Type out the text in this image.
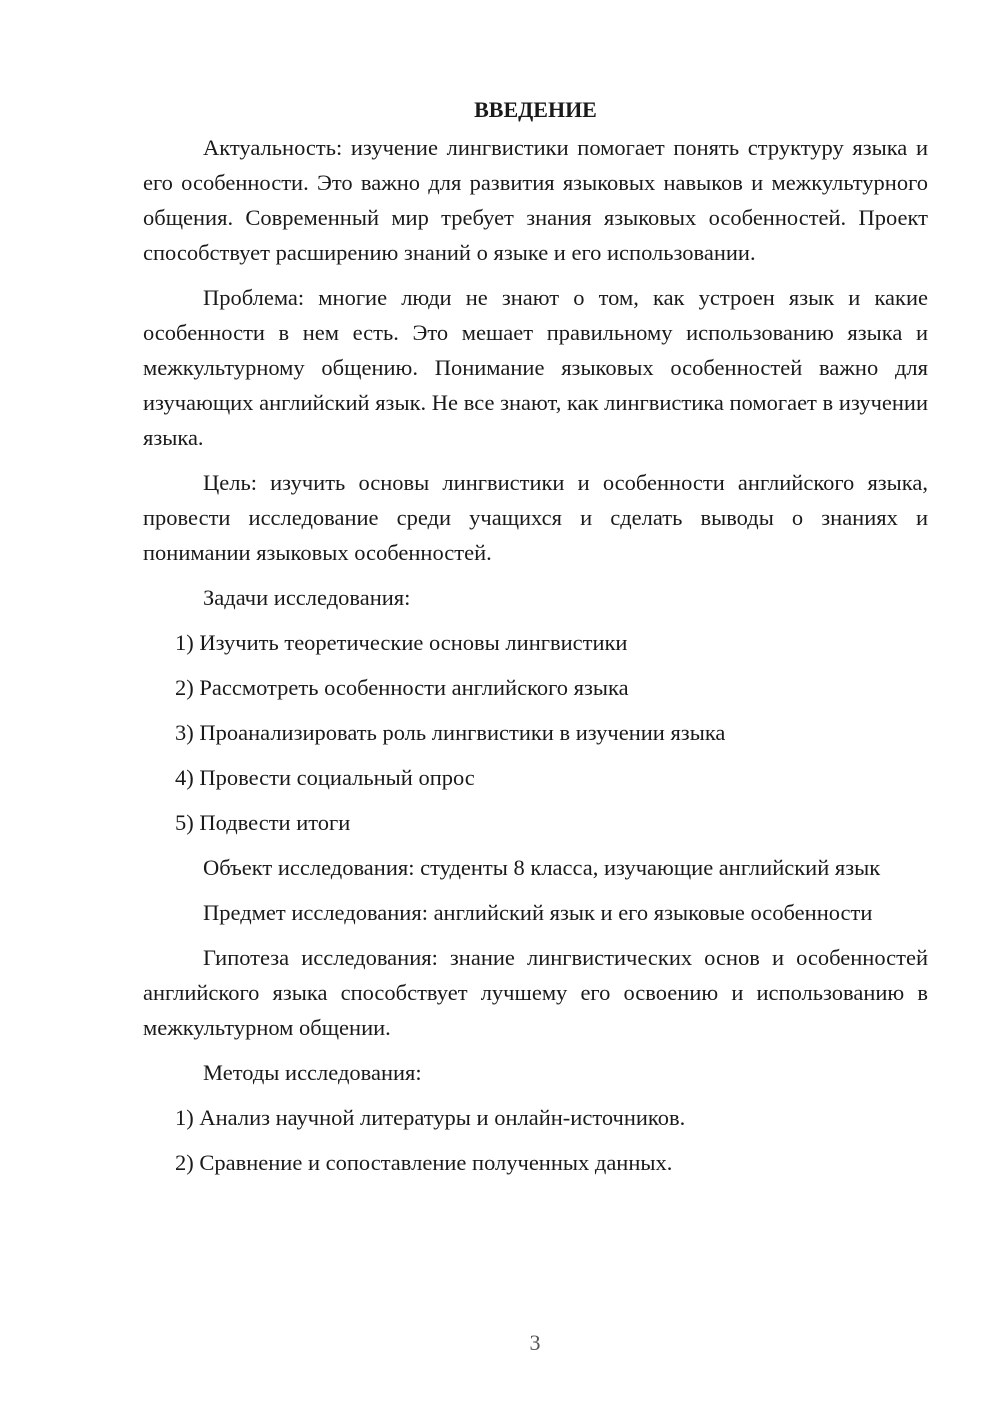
ВВЕДЕНИЕ

Актуальность: изучение лингвистики помогает понять структуру языка и его особенности. Это важно для развития языковых навыков и межкультурного общения. Современный мир требует знания языковых особенностей. Проект способствует расширению знаний о языке и его использовании.

Проблема: многие люди не знают о том, как устроен язык и какие особенности в нем есть. Это мешает правильному использованию языка и межкультурному общению. Понимание языковых особенностей важно для изучающих английский язык. Не все знают, как лингвистика помогает в изучении языка.

Цель: изучить основы лингвистики и особенности английского языка, провести исследование среди учащихся и сделать выводы о знаниях и понимании языковых особенностей.

Задачи исследования:

1) Изучить теоретические основы лингвистики
2) Рассмотреть особенности английского языка
3) Проанализировать роль лингвистики в изучении языка
4) Провести социальный опрос
5) Подвести итоги

Объект исследования: студенты 8 класса, изучающие английский язык

Предмет исследования: английский язык и его языковые особенности

Гипотеза исследования: знание лингвистических основ и особенностей английского языка способствует лучшему его освоению и использованию в межкультурном общении.

Методы исследования:

1) Анализ научной литературы и онлайн-источников.
2) Сравнение и сопоставление полученных данных.
3
